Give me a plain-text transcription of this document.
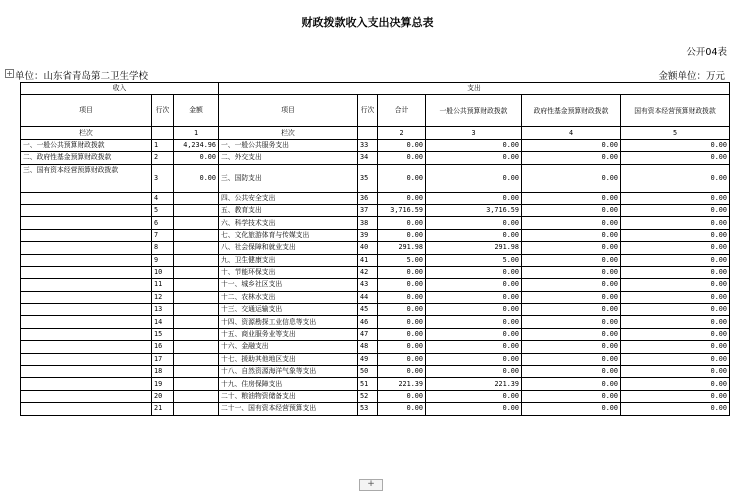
财政拨款收入支出决算总表
公开04表
+ 单位：山东省青岛第二卫生学校	金额单位：万元
收入			支出					
项目	行次	金额	项目	行次	合计	一般公共预算财政拨款	政府性基金预算财政拨款	国有资本经营预算财政拨款
栏次		1	栏次		2	3	4	5
一、一般公共预算财政拨款	1	4,234.96	一、一般公共服务支出	33	0.00	0.00	0.00	0.00
二、政府性基金预算财政拨款	2	0.00	二、外交支出	34	0.00	0.00	0.00	0.00
三、国有资本经营预算财政拨款	3	0.00	三、国防支出	35	0.00	0.00	0.00	0.00
	4		四、公共安全支出	36	0.00	0.00	0.00	0.00
	5		五、教育支出	37	3,716.59	3,716.59	0.00	0.00
	6		六、科学技术支出	38	0.00	0.00	0.00	0.00
	7		七、文化旅游体育与传媒支出	39	0.00	0.00	0.00	0.00
	8		八、社会保障和就业支出	40	291.98	291.98	0.00	0.00
	9		九、卫生健康支出	41	5.00	5.00	0.00	0.00
	10		十、节能环保支出	42	0.00	0.00	0.00	0.00
	11		十一、城乡社区支出	43	0.00	0.00	0.00	0.00
	12		十二、农林水支出	44	0.00	0.00	0.00	0.00
	13		十三、交通运输支出	45	0.00	0.00	0.00	0.00
	14		十四、资源勘探工业信息等支出	46	0.00	0.00	0.00	0.00
	15		十五、商业服务业等支出	47	0.00	0.00	0.00	0.00
	16		十六、金融支出	48	0.00	0.00	0.00	0.00
	17		十七、援助其他地区支出	49	0.00	0.00	0.00	0.00
	18		十八、自然资源海洋气象等支出	50	0.00	0.00	0.00	0.00
	19		十九、住房保障支出	51	221.39	221.39	0.00	0.00
	20		二十、粮油物资储备支出	52	0.00	0.00	0.00	0.00
	21		二十一、国有资本经营预算支出	53	0.00	0.00	0.00	0.00
+
